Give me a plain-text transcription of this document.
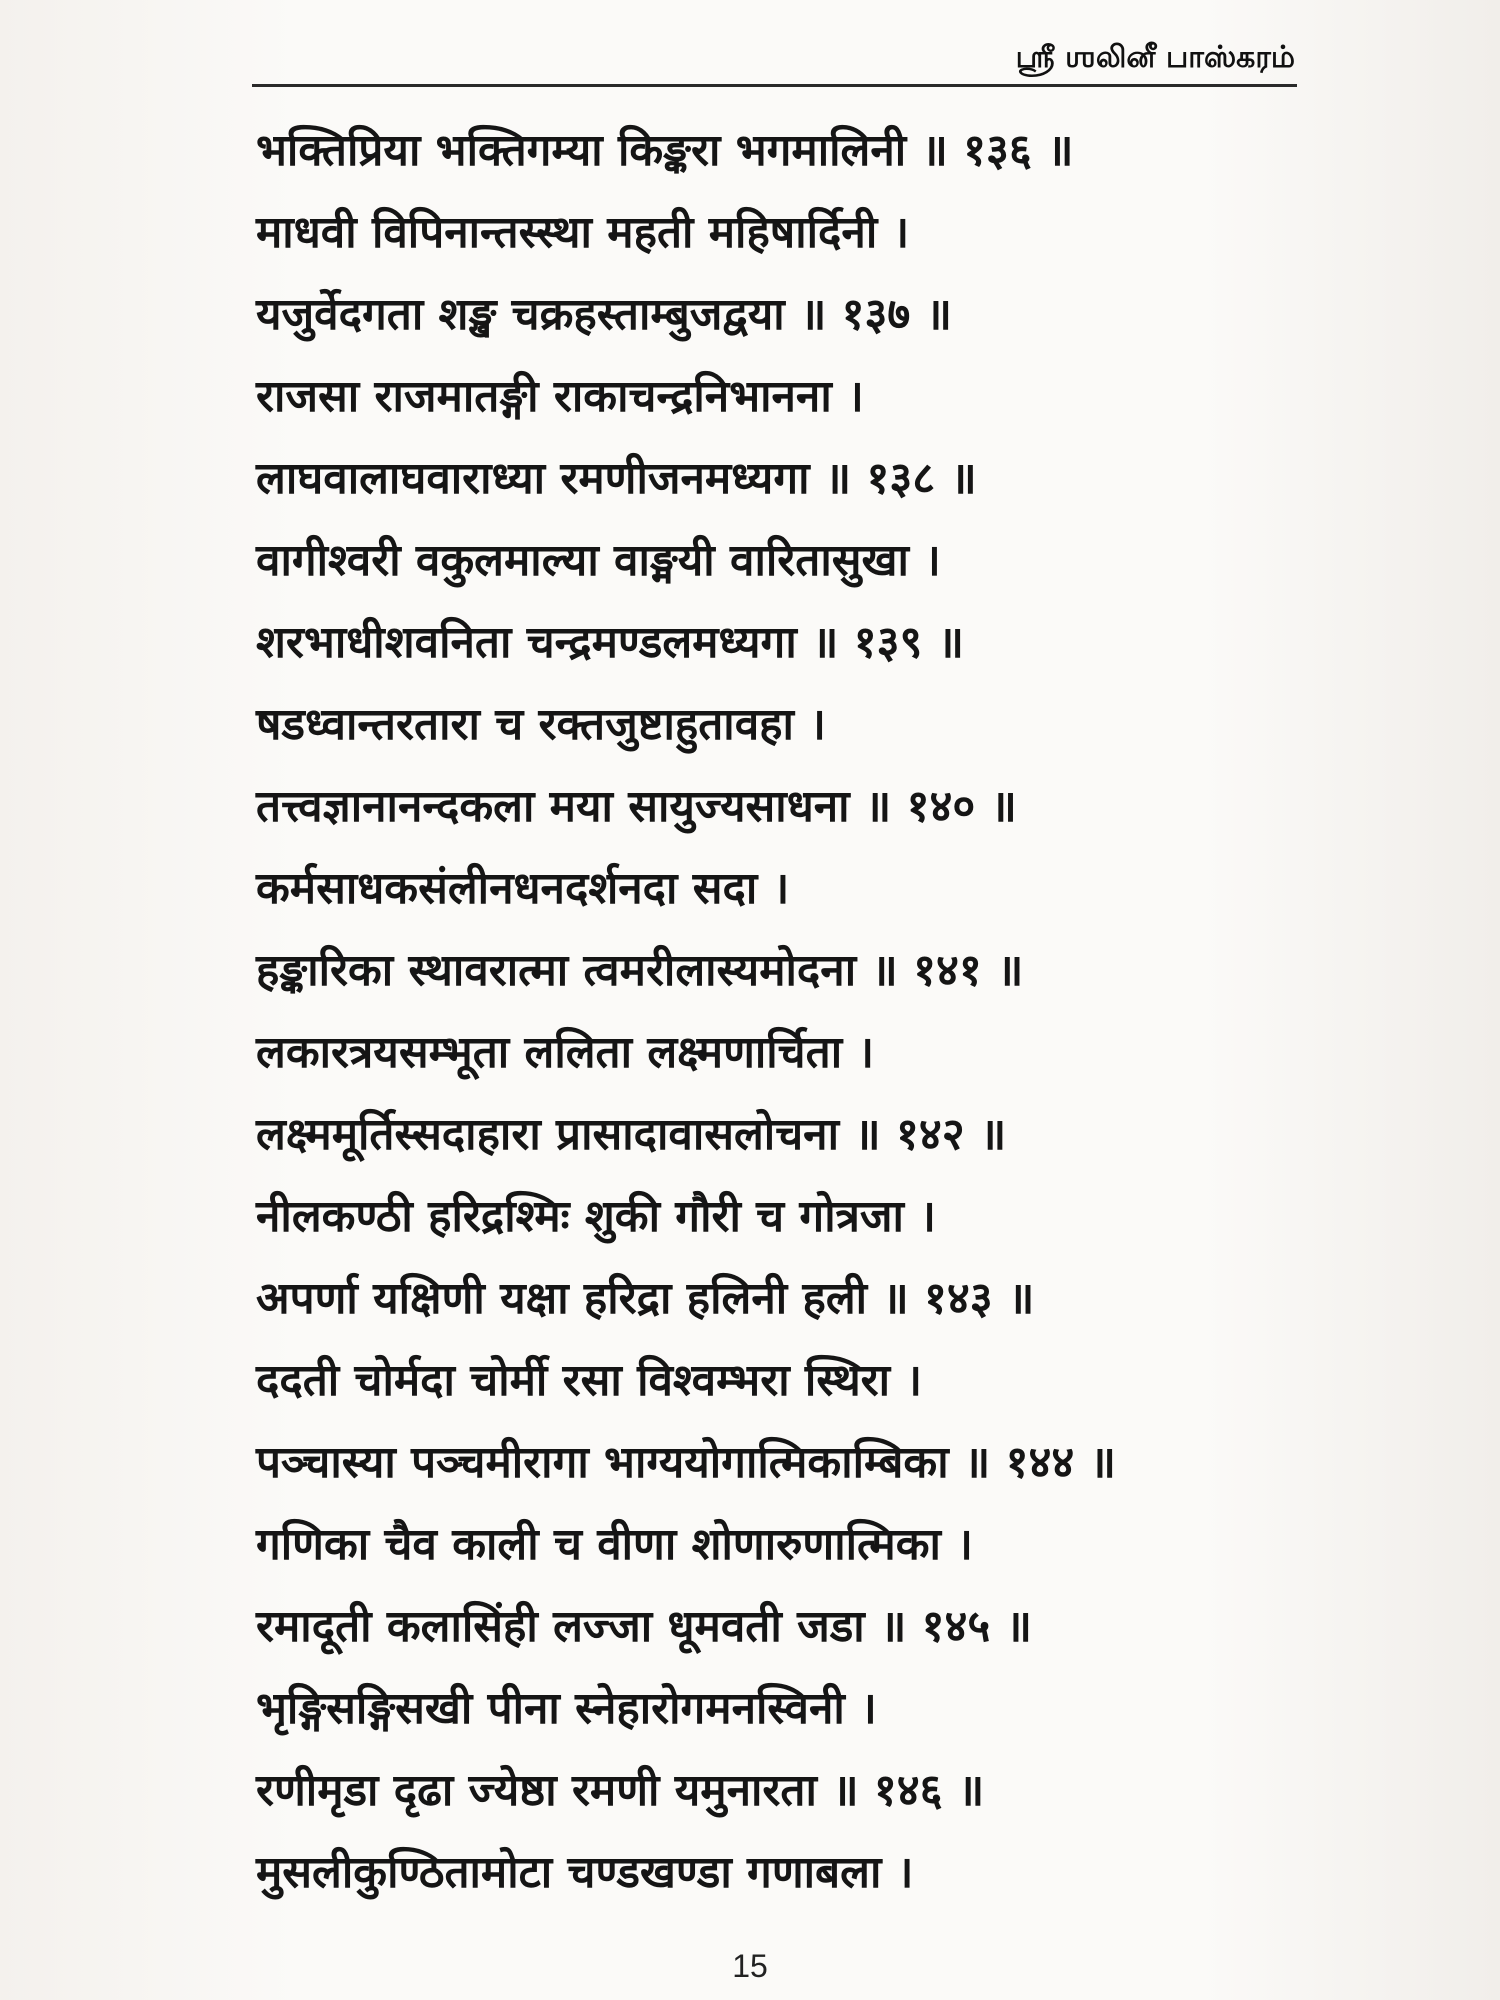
ஸ்ரீ ஶலினீ பாஸ்கரம்
भक्तिप्रिया भक्तिगम्या किङ्करा भगमालिनी ॥ १३६ ॥
माधवी विपिनान्तस्स्था महती महिषार्दिनी ।
यजुर्वेदगता शङ्ख चक्रहस्ताम्बुजद्वया ॥ १३७ ॥
राजसा राजमातङ्गी राकाचन्द्रनिभानना ।
लाघवालाघवाराध्या रमणीजनमध्यगा ॥ १३८ ॥
वागीश्वरी वकुलमाल्या वाङ्मयी वारितासुखा ।
शरभाधीशवनिता चन्द्रमण्डलमध्यगा ॥ १३९ ॥
षडध्वान्तरतारा च रक्तजुष्टाहुतावहा ।
तत्त्वज्ञानानन्दकला मया सायुज्यसाधना ॥ १४० ॥
कर्मसाधकसंलीनधनदर्शनदा सदा ।
हङ्कारिका स्थावरात्मा त्वमरीलास्यमोदना ॥ १४१ ॥
लकारत्रयसम्भूता ललिता लक्ष्मणार्चिता ।
लक्ष्ममूर्तिस्सदाहारा प्रासादावासलोचना ॥ १४२ ॥
नीलकण्ठी हरिद्रश्मिः शुकी गौरी च गोत्रजा ।
अपर्णा यक्षिणी यक्षा हरिद्रा हलिनी हली ॥ १४३ ॥
ददती चोर्मदा चोर्मी रसा विश्वम्भरा स्थिरा ।
पञ्चास्या पञ्चमीरागा भाग्ययोगात्मिकाम्बिका ॥ १४४ ॥
गणिका चैव काली च वीणा शोणारुणात्मिका ।
रमादूती कलासिंही लज्जा धूमवती जडा ॥ १४५ ॥
भृङ्गिसङ्गिसखी पीना स्नेहारोगमनस्विनी ।
रणीमृडा दृढा ज्येष्ठा रमणी यमुनारता ॥ १४६ ॥
मुसलीकुण्ठितामोटा चण्डखण्डा गणाबला ।
15
